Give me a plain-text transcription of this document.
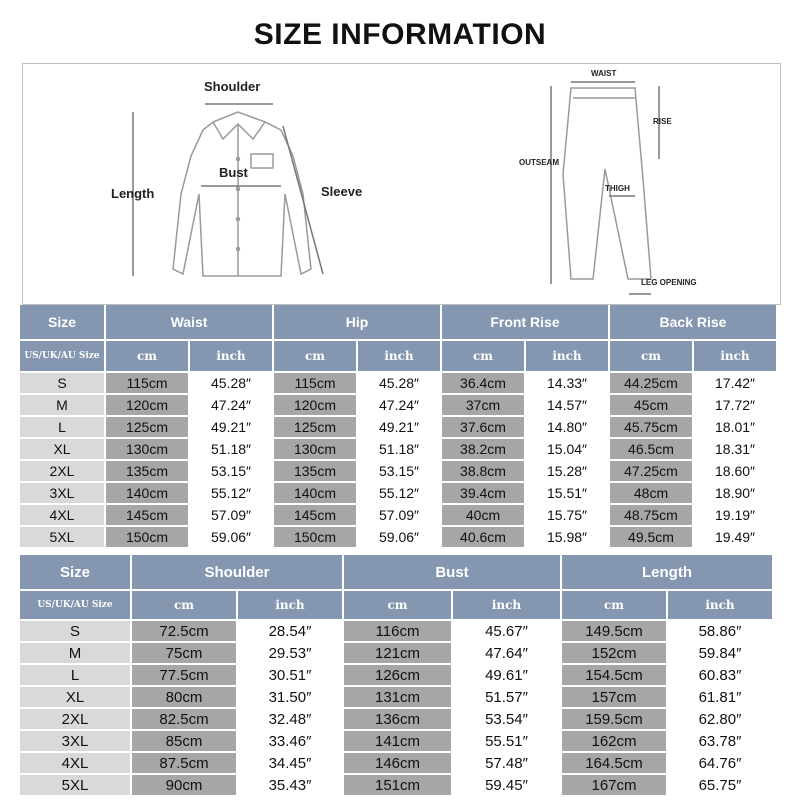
SIZE INFORMATION
Shoulder
Bust
Length	Sleeve
WAIST
RISE
OUTSEAM
THIGH
LEG OPENING
Size	Waist		Hip		Front Rise		Back Rise	
US/UK/AU Size	cm	inch	cm	inch	cm	inch	cm	inch
S	115cm	45.28″	115cm	45.28″	36.4cm	14.33″	44.25cm	17.42″
M	120cm	47.24″	120cm	47.24″	37cm	14.57″	45cm	17.72″
L	125cm	49.21″	125cm	49.21″	37.6cm	14.80″	45.75cm	18.01″
XL	130cm	51.18″	130cm	51.18″	38.2cm	15.04″	46.5cm	18.31″
2XL	135cm	53.15″	135cm	53.15″	38.8cm	15.28″	47.25cm	18.60″
3XL	140cm	55.12″	140cm	55.12″	39.4cm	15.51″	48cm	18.90″
4XL	145cm	57.09″	145cm	57.09″	40cm	15.75″	48.75cm	19.19″
5XL	150cm	59.06″	150cm	59.06″	40.6cm	15.98″	49.5cm	19.49″
Size	Shoulder		Bust		Length	
US/UK/AU Size	cm	inch	cm	inch	cm	inch
S	72.5cm	28.54″	116cm	45.67″	149.5cm	58.86″
M	75cm	29.53″	121cm	47.64″	152cm	59.84″
L	77.5cm	30.51″	126cm	49.61″	154.5cm	60.83″
XL	80cm	31.50″	131cm	51.57″	157cm	61.81″
2XL	82.5cm	32.48″	136cm	53.54″	159.5cm	62.80″
3XL	85cm	33.46″	141cm	55.51″	162cm	63.78″
4XL	87.5cm	34.45″	146cm	57.48″	164.5cm	64.76″
5XL	90cm	35.43″	151cm	59.45″	167cm	65.75″
